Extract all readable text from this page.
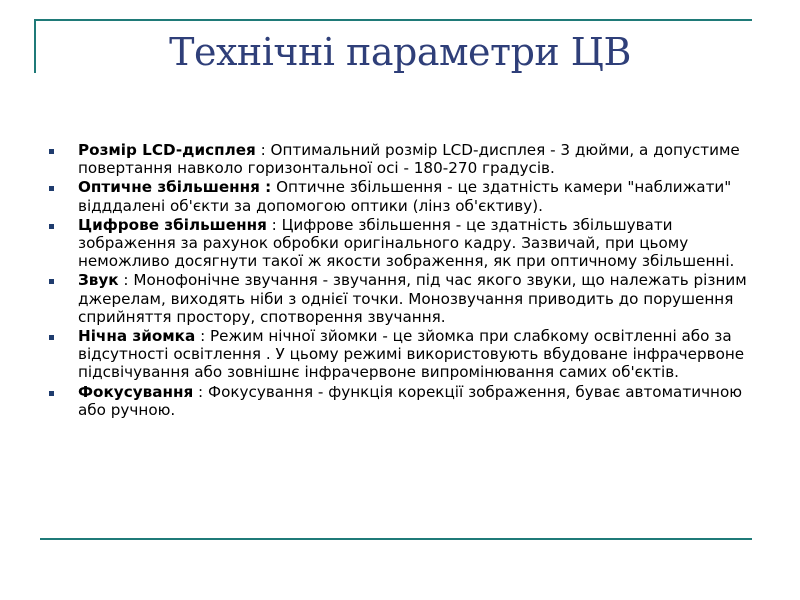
Технічні параметри ЦВ
Розмір LCD-дисплея : Оптимальний розмір LCD-дисплея - 3 дюйми, а допустиме повертання навколо горизонтальної осі - 180-270 градусів.
Оптичне збільшення : Оптичне збільшення - це здатність камери "наближати" відддалені об'єкти за допомогою оптики (лінз об'єктиву).
Цифрове збільшення : Цифрове збільшення - це здатність збільшувати зображення за рахунок обробки оригінального кадру. Зазвичай, при цьому неможливо досягнути такої ж якости зображення, як при оптичному збільшенні.
Звук : Монофонічне звучання - звучання, під час якого звуки, що належать різним джерелам, виходять ніби з однієї точки. Монозвучання приводить до порушення сприйняття простору, спотворення звучання.
Нічна зйомка : Режим нічної зйомки - це зйомка при слабкому освітленні або за відсутності освітлення . У цьому режимі використовують вбудоване інфрачервоне підсвічування або зовнішнє інфрачервоне випромінювання самих об'єктів.
Фокусування : Фокусування - функція корекції зображення, буває автоматичною або ручною.
